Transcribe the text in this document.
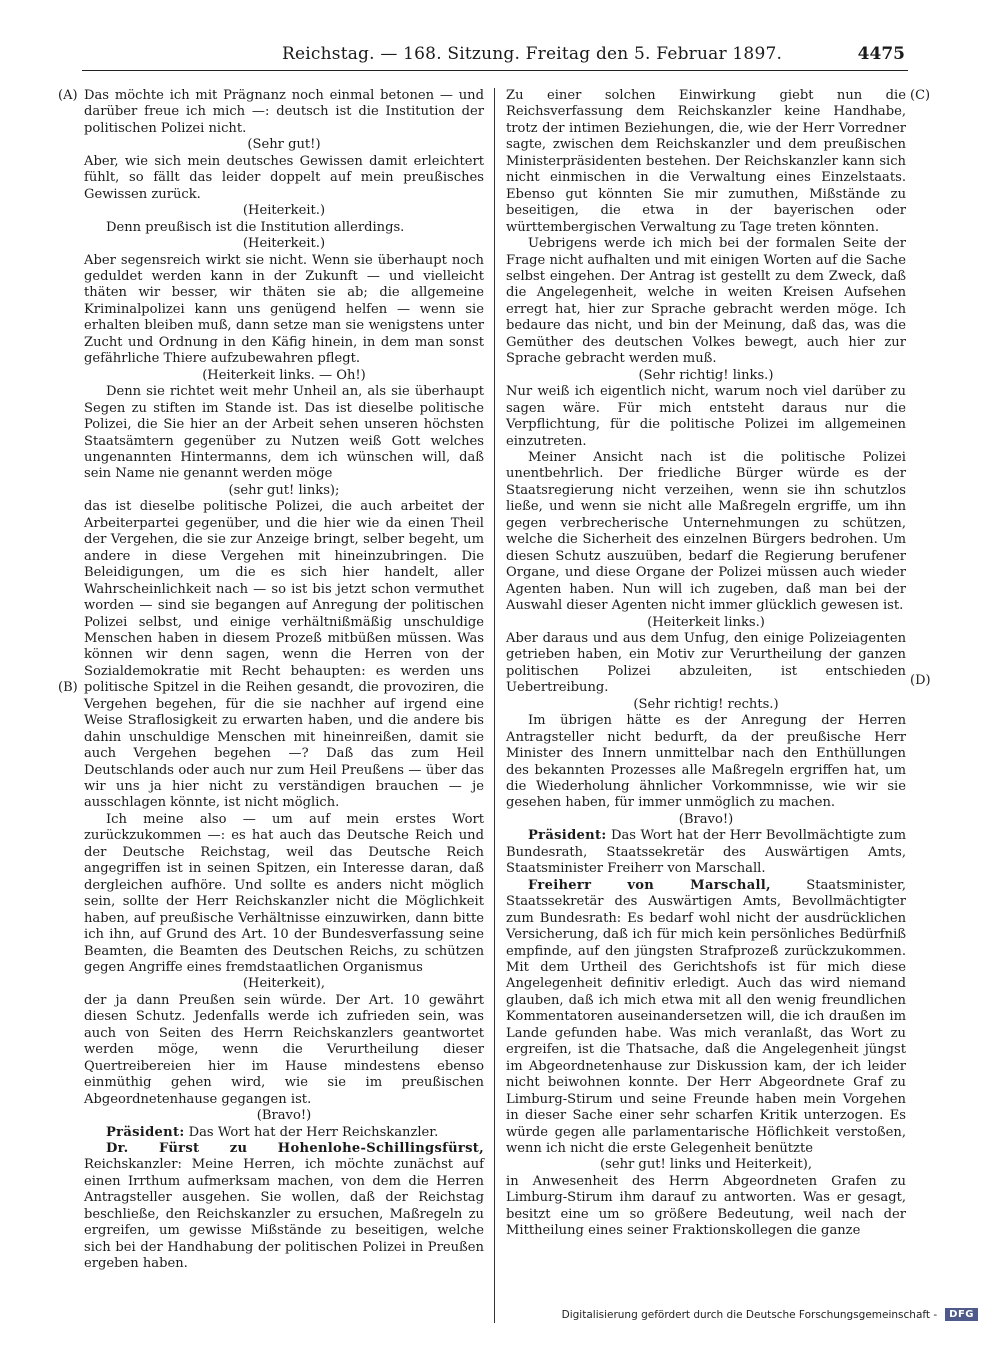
Reichstag. — 168. Sitzung. Freitag den 5. Februar 1897.	4475
(A)
(B)
(C)
(D)

Das möchte ich mit Prägnanz noch einmal betonen — und darüber freue ich mich —: deutsch ist die Institution der politischen Polizei nicht.

(Sehr gut!)

Aber, wie sich mein deutsches Gewissen damit erleichtert fühlt, so fällt das leider doppelt auf mein preußisches Gewissen zurück.

(Heiterkeit.)

Denn preußisch ist die Institution allerdings.

(Heiterkeit.)

Aber segensreich wirkt sie nicht. Wenn sie überhaupt noch geduldet werden kann in der Zukunft — und vielleicht thäten wir besser, wir thäten sie ab; die allgemeine Kriminalpolizei kann uns genügend helfen — wenn sie erhalten bleiben muß, dann setze man sie wenigstens unter Zucht und Ordnung in den Käfig hinein, in dem man sonst gefährliche Thiere aufzubewahren pflegt.

(Heiterkeit links. — Oh!)

Denn sie richtet weit mehr Unheil an, als sie überhaupt Segen zu stiften im Stande ist. Das ist dieselbe politische Polizei, die Sie hier an der Arbeit sehen unseren höchsten Staatsämtern gegenüber zu Nutzen weiß Gott welches ungenannten Hintermanns, dem ich wünschen will, daß sein Name nie genannt werden möge

(sehr gut! links);

das ist dieselbe politische Polizei, die auch arbeitet der Arbeiterpartei gegenüber, und die hier wie da einen Theil der Vergehen, die sie zur Anzeige bringt, selber begeht, um andere in diese Vergehen mit hineinzubringen. Die Beleidigungen, um die es sich hier handelt, aller Wahrscheinlichkeit nach — so ist bis jetzt schon vermuthet worden — sind sie begangen auf Anregung der politischen Polizei selbst, und einige verhältnißmäßig unschuldige Menschen haben in diesem Prozeß mitbüßen müssen. Was können wir denn sagen, wenn die Herren von der Sozialdemokratie mit Recht behaupten: es werden uns politische Spitzel in die Reihen gesandt, die provoziren, die Vergehen begehen, für die sie nachher auf irgend eine Weise Straflosigkeit zu erwarten haben, und die andere bis dahin unschuldige Menschen mit hineinreißen, damit sie auch Vergehen begehen —? Daß das zum Heil Deutschlands oder auch nur zum Heil Preußens — über das wir uns ja hier nicht zu verständigen brauchen — je ausschlagen könnte, ist nicht möglich.

Ich meine also — um auf mein erstes Wort zurückzukommen —: es hat auch das Deutsche Reich und der Deutsche Reichstag, weil das Deutsche Reich angegriffen ist in seinen Spitzen, ein Interesse daran, daß dergleichen aufhöre. Und sollte es anders nicht möglich sein, sollte der Herr Reichskanzler nicht die Möglichkeit haben, auf preußische Verhältnisse einzuwirken, dann bitte ich ihn, auf Grund des Art. 10 der Bundesverfassung seine Beamten, die Beamten des Deutschen Reichs, zu schützen gegen Angriffe eines fremdstaatlichen Organismus

(Heiterkeit),

der ja dann Preußen sein würde. Der Art. 10 gewährt diesen Schutz. Jedenfalls werde ich zufrieden sein, was auch von Seiten des Herrn Reichskanzlers geantwortet werden möge, wenn die Verurtheilung dieser Quertreibereien hier im Hause mindestens ebenso einmüthig gehen wird, wie sie im preußischen Abgeordnetenhause gegangen ist.

(Bravo!)

Präsident: Das Wort hat der Herr Reichskanzler.

Dr. Fürst zu Hohenlohe-Schillingsfürst, Reichskanzler: Meine Herren, ich möchte zunächst auf einen Irrthum aufmerksam machen, von dem die Herren Antragsteller ausgehen. Sie wollen, daß der Reichstag beschließe, den Reichskanzler zu ersuchen, Maßregeln zu ergreifen, um gewisse Mißstände zu beseitigen, welche sich bei der Handhabung der politischen Polizei in Preußen ergeben haben.

Zu einer solchen Einwirkung giebt nun die Reichsverfassung dem Reichskanzler keine Handhabe, trotz der intimen Beziehungen, die, wie der Herr Vorredner sagte, zwischen dem Reichskanzler und dem preußischen Ministerpräsidenten bestehen. Der Reichskanzler kann sich nicht einmischen in die Verwaltung eines Einzelstaats. Ebenso gut könnten Sie mir zumuthen, Mißstände zu beseitigen, die etwa in der bayerischen oder württembergischen Verwaltung zu Tage treten könnten.

Uebrigens werde ich mich bei der formalen Seite der Frage nicht aufhalten und mit einigen Worten auf die Sache selbst eingehen. Der Antrag ist gestellt zu dem Zweck, daß die Angelegenheit, welche in weiten Kreisen Aufsehen erregt hat, hier zur Sprache gebracht werden möge. Ich bedaure das nicht, und bin der Meinung, daß das, was die Gemüther des deutschen Volkes bewegt, auch hier zur Sprache gebracht werden muß.

(Sehr richtig! links.)

Nur weiß ich eigentlich nicht, warum noch viel darüber zu sagen wäre. Für mich entsteht daraus nur die Verpflichtung, für die politische Polizei im allgemeinen einzutreten.

Meiner Ansicht nach ist die politische Polizei unentbehrlich. Der friedliche Bürger würde es der Staatsregierung nicht verzeihen, wenn sie ihn schutzlos ließe, und wenn sie nicht alle Maßregeln ergriffe, um ihn gegen verbrecherische Unternehmungen zu schützen, welche die Sicherheit des einzelnen Bürgers bedrohen. Um diesen Schutz auszuüben, bedarf die Regierung berufener Organe, und diese Organe der Polizei müssen auch wieder Agenten haben. Nun will ich zugeben, daß man bei der Auswahl dieser Agenten nicht immer glücklich gewesen ist.

(Heiterkeit links.)

Aber daraus und aus dem Unfug, den einige Polizeiagenten getrieben haben, ein Motiv zur Verurtheilung der ganzen politischen Polizei abzuleiten, ist entschieden Uebertreibung.

(Sehr richtig! rechts.)

Im übrigen hätte es der Anregung der Herren Antragsteller nicht bedurft, da der preußische Herr Minister des Innern unmittelbar nach den Enthüllungen des bekannten Prozesses alle Maßregeln ergriffen hat, um die Wiederholung ähnlicher Vorkommnisse, wie wir sie gesehen haben, für immer unmöglich zu machen.

(Bravo!)

Präsident: Das Wort hat der Herr Bevollmächtigte zum Bundesrath, Staatssekretär des Auswärtigen Amts, Staatsminister Freiherr von Marschall.

Freiherr von Marschall, Staatsminister, Staatssekretär des Auswärtigen Amts, Bevollmächtigter zum Bundesrath: Es bedarf wohl nicht der ausdrücklichen Versicherung, daß ich für mich kein persönliches Bedürfniß empfinde, auf den jüngsten Strafprozeß zurückzukommen. Mit dem Urtheil des Gerichtshofs ist für mich diese Angelegenheit definitiv erledigt. Auch das wird niemand glauben, daß ich mich etwa mit all den wenig freundlichen Kommentatoren auseinandersetzen will, die ich draußen im Lande gefunden habe. Was mich veranlaßt, das Wort zu ergreifen, ist die Thatsache, daß die Angelegenheit jüngst im Abgeordnetenhause zur Diskussion kam, der ich leider nicht beiwohnen konnte. Der Herr Abgeordnete Graf zu Limburg-Stirum und seine Freunde haben mein Vorgehen in dieser Sache einer sehr scharfen Kritik unterzogen. Es würde gegen alle parlamentarische Höflichkeit verstoßen, wenn ich nicht die erste Gelegenheit benützte

(sehr gut! links und Heiterkeit),

in Anwesenheit des Herrn Abgeordneten Grafen zu Limburg-Stirum ihm darauf zu antworten. Was er gesagt, besitzt eine um so größere Bedeutung, weil nach der Mittheilung eines seiner Fraktionskollegen die ganze

Digitalisierung gefördert durch die Deutsche Forschungsgemeinschaft -	DFG
